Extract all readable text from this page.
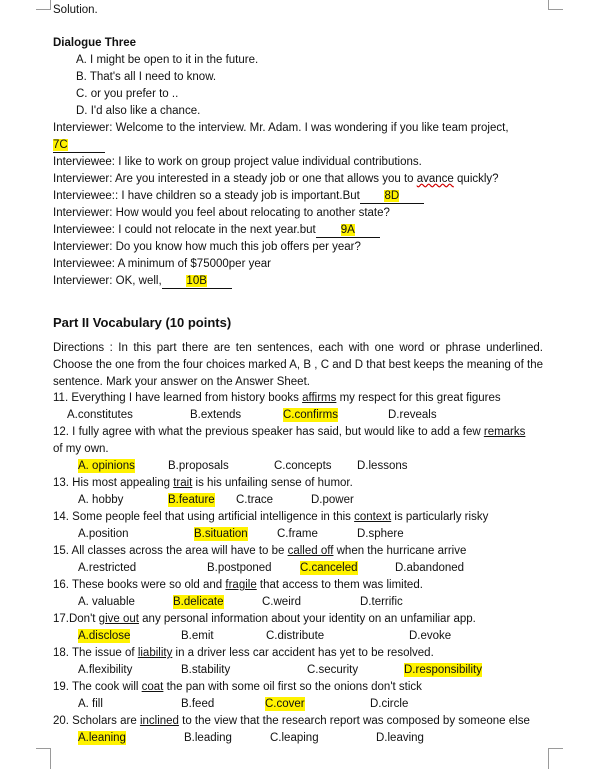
Solution.
Dialogue Three
A. I might be open to it in the future.
B. That's all I need to know.
C. or you prefer to ..
D. I'd also like a chance.
Interviewer: Welcome to the interview. Mr. Adam. I was wondering if you like team project,
7C
Interviewee: I like to work on group project value individual contributions.
Interviewer: Are you interested in a steady job or one that allows you to avance quickly?
Interviewee:: I have children so a steady job is important.But 8D
Interviewer: How would you feel about relocating to another state?
Interviewee: I could not relocate in the next year.but 9A
Interviewer: Do you know how much this job offers per year?
Interviewee: A minimum of $75000per year
Interviewer: OK, well, 10B
Part II Vocabulary (10 points)
Directions : In this part there are ten sentences, each with one word or phrase underlined. Choose the one from the four choices marked A, B , C and D that best keeps the meaning of the sentence. Mark your answer on the Answer Sheet.
11. Everything I have learned from history books affirms my respect for this great figures
A.constitutes	B.extends	C.confirms	D.reveals
12. I fully agree with what the previous speaker has said, but would like to add a few remarks
of my own.
A. opinions	B.proposals	C.concepts D.lessons
13. His most appealing trait is his unfailing sense of humor.
A. hobby	B.feature C.trace	D.power
14. Some people feel that using artificial intelligence in this context is particularly risky
A.position	B.situation	C.frame	D.sphere
15. All classes across the area will have to be called off when the hurricane arrive
A.restricted	B.postponed C.canceled	D.abandoned
16. These books were so old and fragile that access to them was limited.
A. valuable	B.delicate	C.weird	D.terrific
17.Don't give out any personal information about your identity on an unfamiliar app.
A.disclose	B.emit	C.distribute	D.evoke
18. The issue of liability in a driver less car accident has yet to be resolved.
A.flexibility	B.stability	C.security	D.responsibility
19. The cook will coat the pan with some oil first so the onions don't stick
A. fill	B.feed	C.cover	D.circle
20. Scholars are inclined to the view that the research report was composed by someone else
A.leaning	B.leading	C.leaping	D.leaving
